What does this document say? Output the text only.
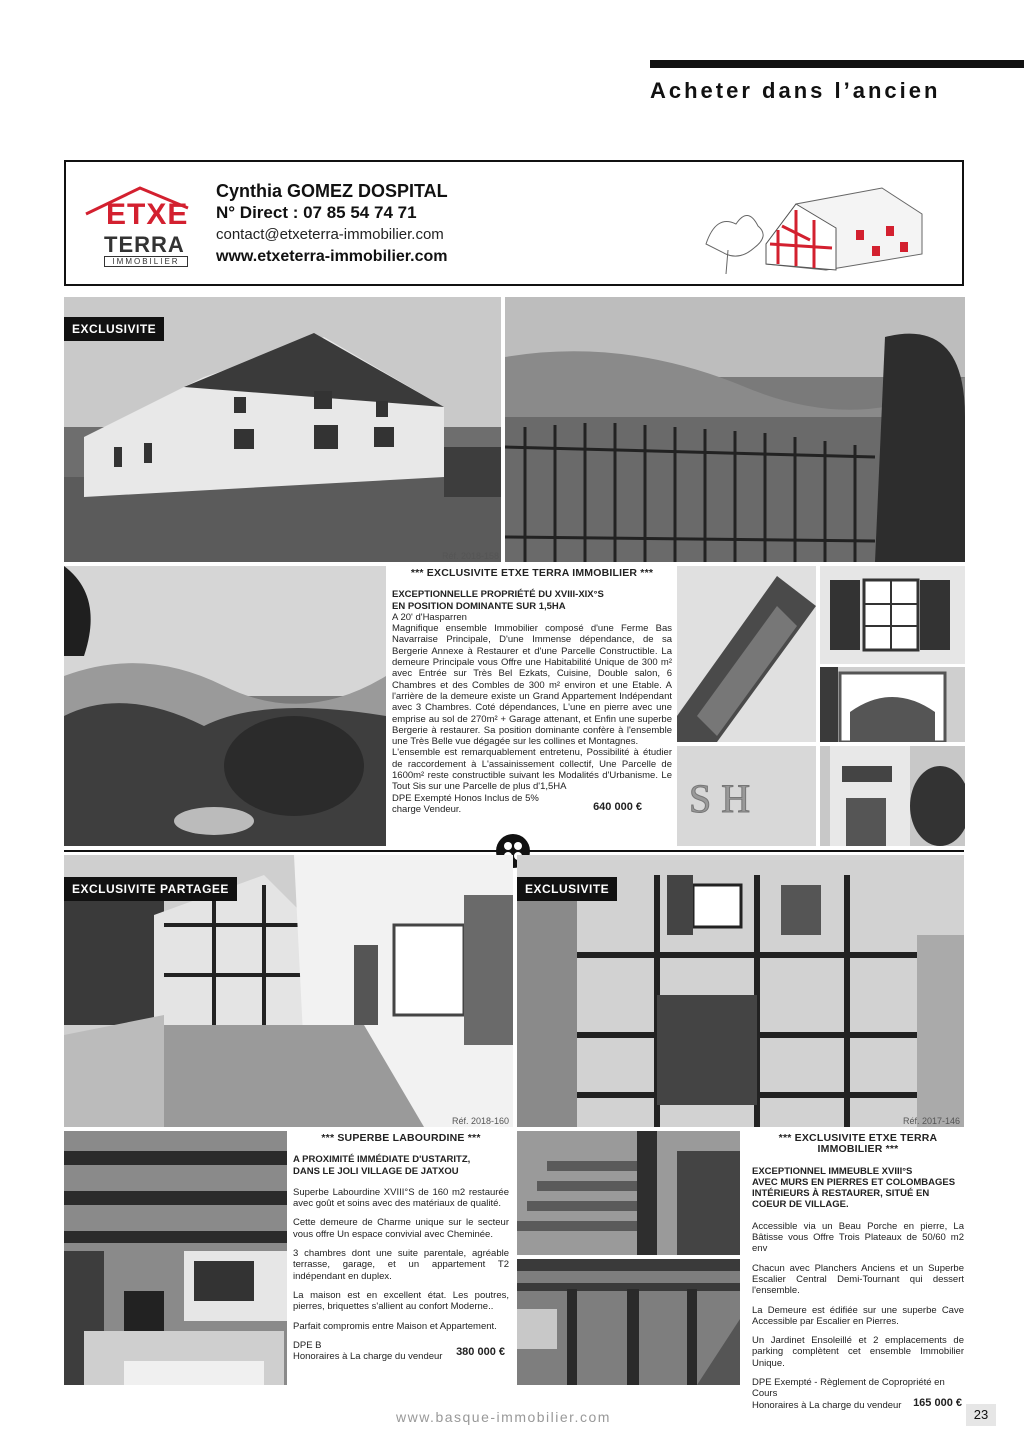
Acheter dans l’ancien
ETXE
TERRA
IMMOBILIER
Cynthia GOMEZ DOSPITAL
N° Direct : 07 85 54 74 71
contact@etxeterra-immobilier.com
www.etxeterra-immobilier.com
EXCLUSIVITE
Réf. 2018-158
S H
*** EXCLUSIVITE ETXE TERRA IMMOBILIER ***
EXCEPTIONNELLE PROPRIÉTÉ DU XVIII-XIX°S
EN POSITION DOMINANTE SUR 1,5HA
A 20' d'Hasparren

Magnifique ensemble Immobilier composé d'une Ferme Bas Navarraise Principale, D'une Immense dépendance, de sa Bergerie Annexe à Restaurer et d'une Parcelle Constructible. La demeure Principale vous Offre une Habitabilité Unique de 300 m² avec Entrée sur Très Bel Ezkats, Cuisine, Double salon, 6 Chambres et des Combles de 300 m² environ et une Etable. A l'arrière de la demeure existe un Grand Appartement Indépendant avec 3 Chambres. Coté dépendances, L'une en pierre avec une emprise au sol de 270m² + Garage attenant, et Enfin une superbe Bergerie à restaurer. Sa position dominante confère à l'ensemble une Très Belle vue dégagée sur les collines et Montagnes.

L'ensemble est remarquablement entretenu, Possibilité à étudier de raccordement à L'assainissement collectif, Une Parcelle de 1600m² reste constructible suivant les Modalités d'Urbanisme. Le Tout Sis sur une Parcelle de plus d'1,5HA

DPE Exempté Honos Inclus de 5%
charge Vendeur.	640 000 €
EXCLUSIVITE PARTAGEE
Réf. 2018-160
*** SUPERBE LABOURDINE ***
A PROXIMITÉ IMMÉDIATE D'USTARITZ,
DANS LE JOLI VILLAGE DE JATXOU

Superbe Labourdine XVIII°S de 160 m2 restaurée avec goût et soins avec des matériaux de qualité.

Cette demeure de Charme unique sur le secteur vous offre Un espace convivial avec Cheminée.

3 chambres dont une suite parentale, agréable terrasse, garage, et un appartement T2 indépendant en duplex.

La maison est en excellent état. Les poutres, pierres, briquettes s'allient au confort Moderne..

Parfait compromis entre Maison et Appartement.

DPE B
Honoraires à La charge du vendeur 380 000 €
EXCLUSIVITE
Réf. 2017-146
*** EXCLUSIVITE ETXE TERRA IMMOBILIER ***
EXCEPTIONNEL IMMEUBLE XVIII°S
AVEC MURS EN PIERRES ET COLOMBAGES INTÉRIEURS À RESTAURER, SITUÉ EN COEUR DE VILLAGE.

Accessible via un Beau Porche en pierre, La Bâtisse vous Offre Trois Plateaux de 50/60 m2 env

Chacun avec Planchers Anciens et un Superbe Escalier Central Demi-Tournant qui dessert l'ensemble.

La Demeure est édifiée sur une superbe Cave Accessible par Escalier en Pierres.

Un Jardinet Ensoleillé et 2 emplacements de parking complètent cet ensemble Immobilier Unique.

DPE Exempté - Règlement de Copropriété en Cours
Honoraires à La charge du vendeur 165 000 €
www.basque-immobilier.com	23
